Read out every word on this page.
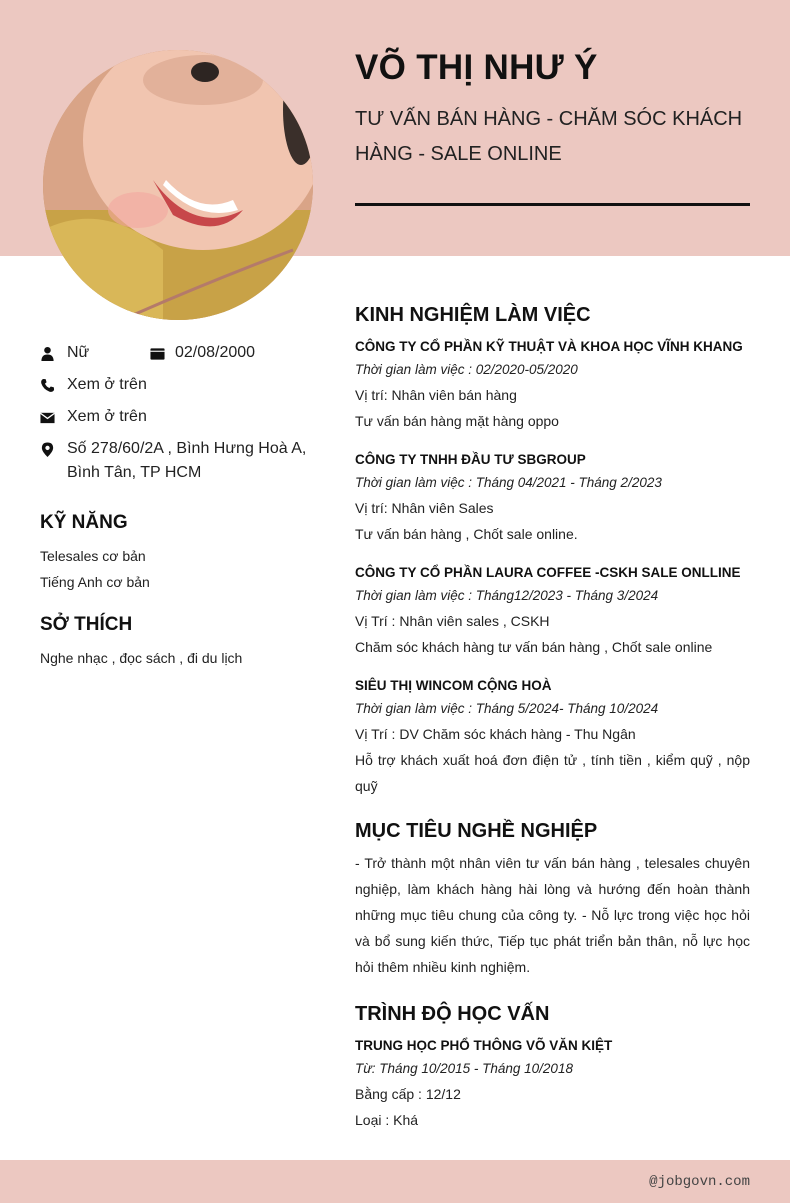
VÕ THỊ NHƯ Ý
TƯ VẤN BÁN HÀNG - CHĂM SÓC KHÁCH HÀNG - SALE ONLINE
Nữ	02/08/2000
Xem ở trên
Xem ở trên
Số 278/60/2A , Bình Hưng Hoà A, Bình Tân, TP HCM
KỸ NĂNG
Telesales cơ bản
Tiếng Anh cơ bản
SỞ THÍCH
Nghe nhạc , đọc sách , đi du lịch
KINH NGHIỆM LÀM VIỆC
CÔNG TY CỔ PHẦN KỸ THUẬT VÀ KHOA HỌC VĨNH KHANG
Thời gian làm việc : 02/2020-05/2020
Vị trí: Nhân viên bán hàng
Tư vấn bán hàng mặt hàng oppo
CÔNG TY TNHH ĐẦU TƯ SBGROUP
Thời gian làm việc : Tháng 04/2021 - Tháng 2/2023
Vị trí: Nhân viên Sales
Tư vấn bán hàng , Chốt sale online.
CÔNG TY CỔ PHẦN LAURA COFFEE -CSKH SALE ONLLINE
Thời gian làm việc : Tháng12/2023 - Tháng 3/2024
Vị Trí : Nhân viên sales , CSKH
Chăm sóc khách hàng tư vấn bán hàng , Chốt sale online
SIÊU THỊ WINCOM CỘNG HOÀ
Thời gian làm việc : Tháng 5/2024- Tháng 10/2024
Vị Trí : DV Chăm sóc khách hàng - Thu Ngân
Hỗ trợ khách xuất hoá đơn điện tử , tính tiền , kiểm quỹ , nộp quỹ
MỤC TIÊU NGHỀ NGHIỆP
- Trở thành một nhân viên tư vấn bán hàng , telesales chuyên nghiệp, làm khách hàng hài lòng và hướng đến hoàn thành những mục tiêu chung của công ty. - Nỗ lực trong việc học hỏi và bổ sung kiến thức, Tiếp tục phát triển bản thân, nỗ lực học hỏi thêm nhiều kinh nghiệm.
TRÌNH ĐỘ HỌC VẤN
TRUNG HỌC PHỔ THÔNG VÕ VĂN KIỆT
Từ: Tháng 10/2015 - Tháng 10/2018
Bằng cấp : 12/12
Loại : Khá
@jobgovn.com
